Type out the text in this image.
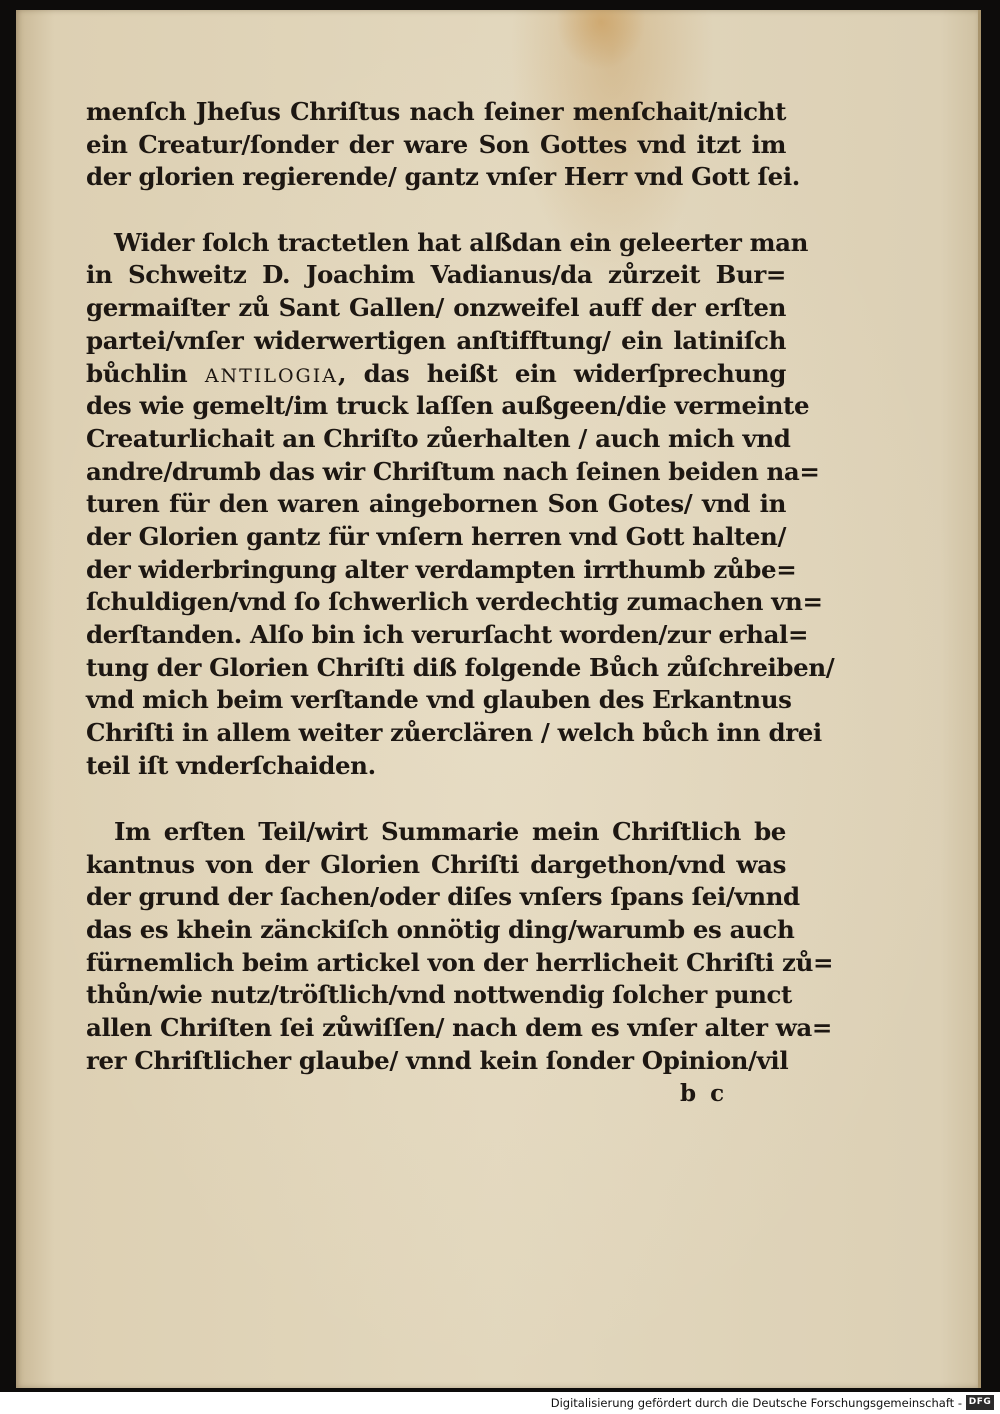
menſch Jheſus Chriſtus nach ſeiner menſchait/nicht
ein Creatur/ſonder der ware Son Gottes vnd itzt im
der glorien regierende/ gantz vnſer Herr vnd Gott ſei.
Wider ſolch tractetlen hat alßdan ein geleerter man
in Schweitz D. Joachim Vadianus/da zůrzeit Bur=
germaiſter zů Sant Gallen/ onzweifel auff der erſten
partei/vnſer widerwertigen anſtifftung/ ein latiniſch
bůchlin ANTILOGIA, das heißt ein widerſprechung
des wie gemelt/im truck laſſen außgeen/die vermeinte
Creaturlichait an Chriſto zůerhalten / auch mich vnd
andre/drumb das wir Chriſtum nach ſeinen beiden na=
turen für den waren aingebornen Son Gotes/ vnd in
der Glorien gantz für vnſern herren vnd Gott halten/
der widerbringung alter verdampten irrthumb zůbe=
ſchuldigen/vnd ſo ſchwerlich verdechtig zumachen vn=
derſtanden. Alſo bin ich verurſacht worden/zur erhal=
tung der Glorien Chriſti diß folgende Bůch zůſchreiben/
vnd mich beim verſtande vnd glauben des Erkantnus
Chriſti in allem weiter zůerclären / welch bůch inn drei
teil iſt vnderſchaiden.
Im erſten Teil/wirt Summarie mein Chriſtlich be
kantnus von der Glorien Chriſti dargethon/vnd was
der grund der ſachen/oder diſes vnſers ſpans ſei/vnnd
das es khein zänckiſch onnötig ding/warumb es auch
fürnemlich beim artickel von der herrlicheit Chriſti zů=
thůn/wie nutz/tröſtlich/vnd nottwendig ſolcher punct
allen Chriſten ſei zůwiſſen/ nach dem es vnſer alter wa=
rer Chriſtlicher glaube/ vnnd kein ſonder Opinion/vil
b c
Digitalisierung gefördert durch die Deutsche Forschungsgemeinschaft - DFG
